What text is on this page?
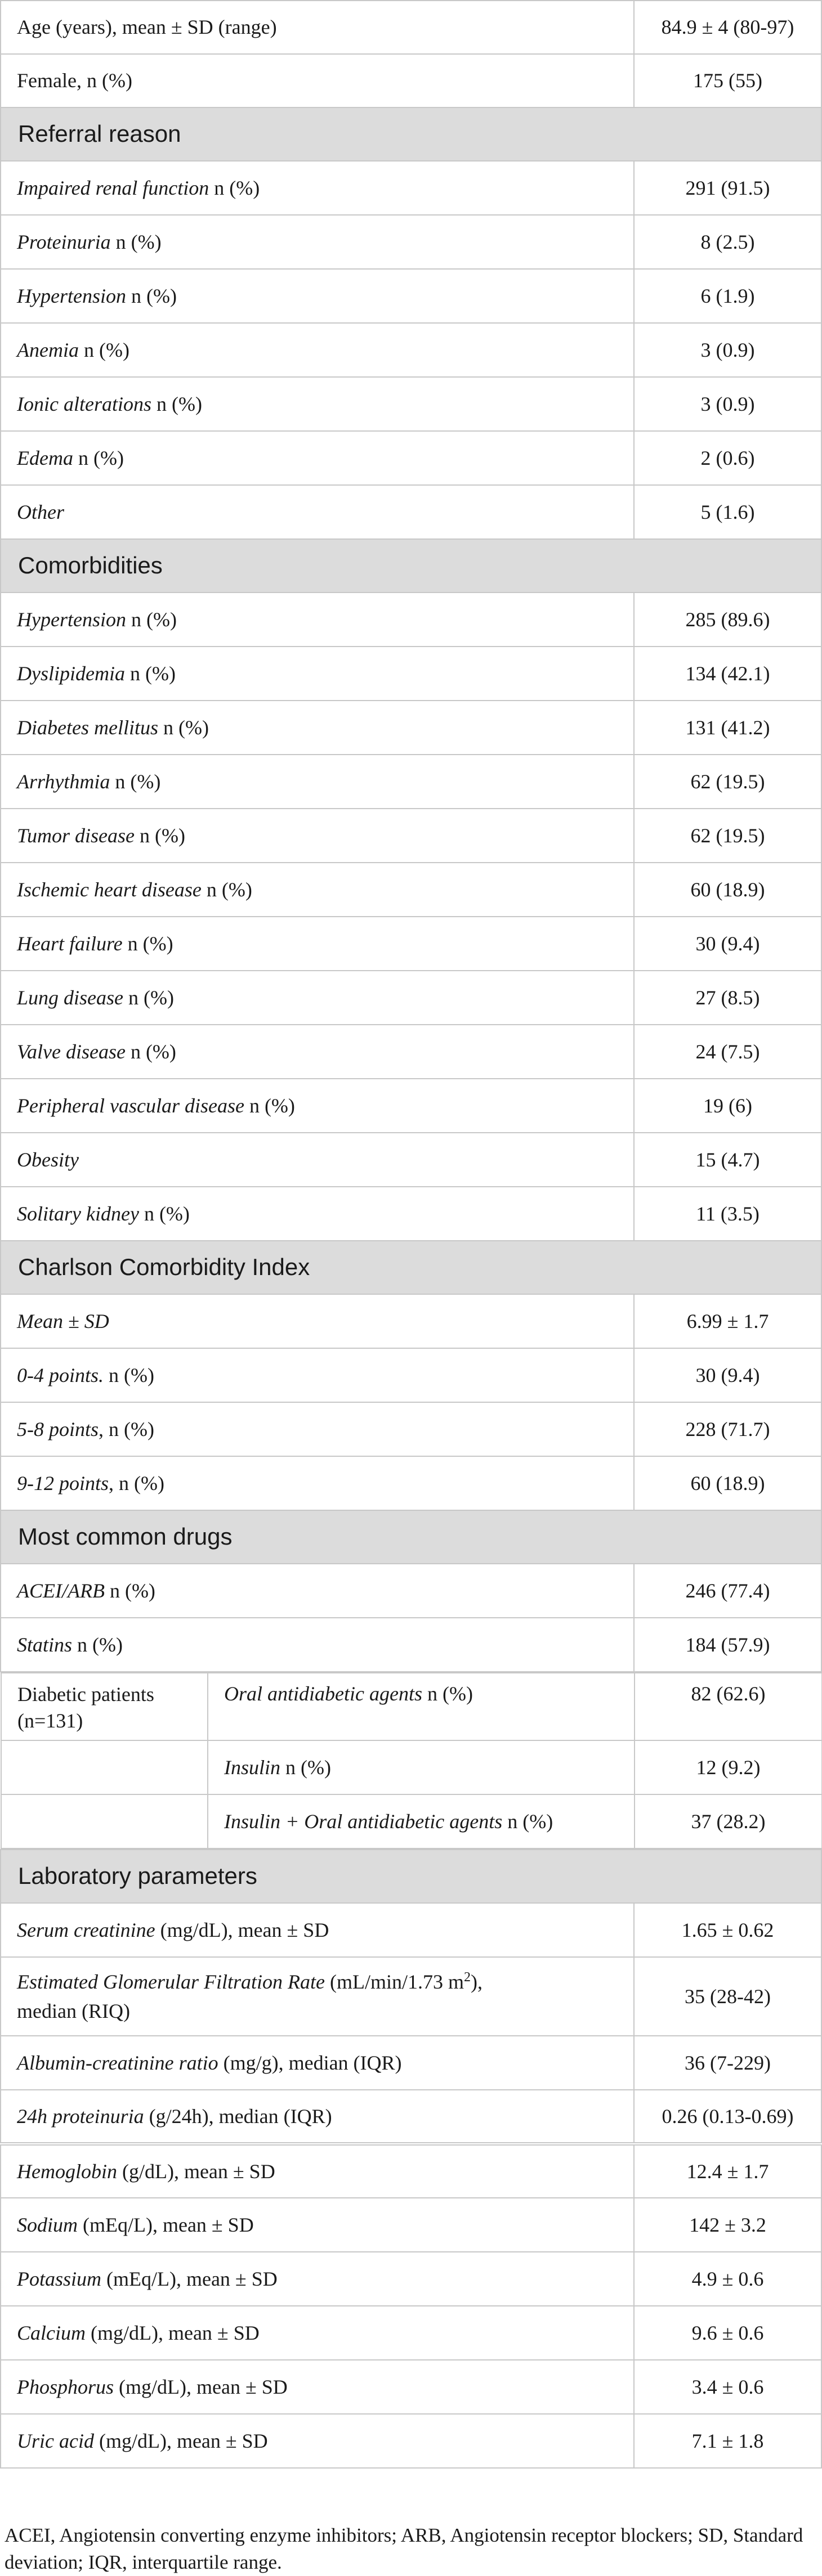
Age (years), mean ± SD (range)	84.9 ± 4 (80-97)
Female, n (%)	175 (55)
Referral reason
Impaired renal function n (%)	291 (91.5)
Proteinuria n (%)	8 (2.5)
Hypertension n (%)	6 (1.9)
Anemia n (%)	3 (0.9)
Ionic alterations n (%)	3 (0.9)
Edema n (%)	2 (0.6)
Other	5 (1.6)
Comorbidities
Hypertension n (%)	285 (89.6)
Dyslipidemia n (%)	134 (42.1)
Diabetes mellitus n (%)	131 (41.2)
Arrhythmia n (%)	62 (19.5)
Tumor disease n (%)	62 (19.5)
Ischemic heart disease n (%)	60 (18.9)
Heart failure n (%)	30 (9.4)
Lung disease n (%)	27 (8.5)
Valve disease n (%)	24 (7.5)
Peripheral vascular disease n (%)	19 (6)
Obesity	15 (4.7)
Solitary kidney n (%)	11 (3.5)
Charlson Comorbidity Index
Mean ± SD	6.99 ± 1.7
0-4 points. n (%)	30 (9.4)
5-8 points, n (%)	228 (71.7)
9-12 points, n (%)	60 (18.9)
Most common drugs
ACEI/ARB n (%)	246 (77.4)
Statins n (%)	184 (57.9)

Diabetic patients (n=131)	Oral antidiabetic agents n (%)	82 (62.6)
	Insulin n (%)	12 (9.2)
	Insulin + Oral antidiabetic agents n (%)	37 (28.2)

Laboratory parameters
Serum creatinine (mg/dL), mean ± SD	1.65 ± 0.62
Estimated Glomerular Filtration Rate (mL/min/1.73 $m^2$),
median (RIQ)	35 (28-42)
Albumin-creatinine ratio (mg/g), median (IQR)	36 (7-229)
24h proteinuria (g/24h), median (IQR)	0.26 (0.13-0.69)
Hemoglobin (g/dL), mean ± SD	12.4 ± 1.7
Sodium (mEq/L), mean ± SD	142 ± 3.2
Potassium (mEq/L), mean ± SD	4.9 ± 0.6
Calcium (mg/dL), mean ± SD	9.6 ± 0.6
Phosphorus (mg/dL), mean ± SD	3.4 ± 0.6
Uric acid (mg/dL), mean ± SD	7.1 ± 1.8
ACEI, Angiotensin converting enzyme inhibitors; ARB, Angiotensin receptor blockers; SD, Standard deviation; IQR, interquartile range.
